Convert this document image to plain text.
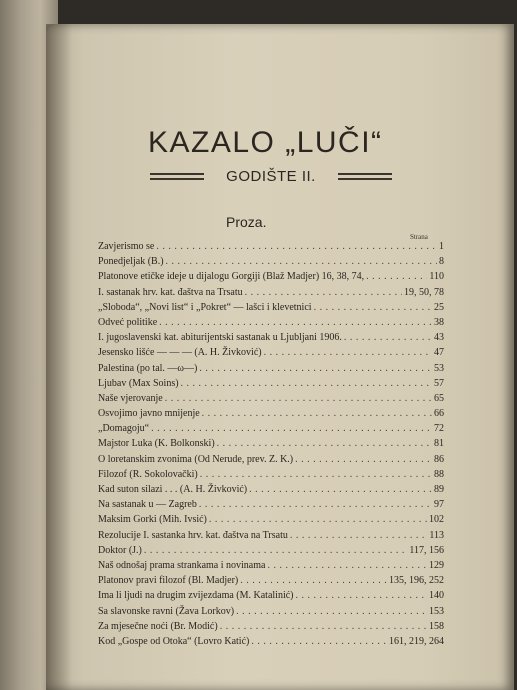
KAZALO „LUČI“
GODIŠTE II.
Proza.
Strana
Zavjerismo se . . .	1
Ponedjeljak (B.) . . .	8
Platonove etičke ideje u dijalogu Gorgiji (Blaž Madjer) 16, 38, 74, . . .	110
I. sastanak hrv. kat. đaštva na Trsatu . . .	19, 50, 78
„Sloboda“, „Novi list“ i „Pokret“ — lašci i klevetnici . . .	25
Odveć politike . . .	38
I. jugoslavenski kat. abiturijentski sastanak u Ljubljani 1906. . . .	43
Jesensko lišće — — — (A. H. Živković) . . .	47
Palestina (po tal. —ω—) . . .	53
Ljubav (Max Soins) . . .	57
Naše vjerovanje . . .	65
Osvojimo javno mnijenje . . .	66
„Domagoju“ . . .	72
Majstor Luka (K. Bolkonski) . . .	81
O loretanskim zvonima (Od Nerude, prev. Z. K.) . . .	86
Filozof (R. Sokolovački) . . .	88
Kad suton silazi . . . (A. H. Živković) . . .	89
Na sastanak u — Zagreb . . .	97
Maksim Gorki (Mih. Ivsić) . . .	102
Rezolucije I. sastanka hrv. kat. đaštva na Trsatu . . .	113
Doktor (J.) . . .	117, 156
Naš odnošaj prama strankama i novinama . . .	129
Platonov pravi filozof (Bl. Madjer) . . .	135, 196, 252
Ima li ljudi na drugim zvijezdama (M. Katalinić) . . .	140
Sa slavonske ravni (Žava Lorkov) . . .	153
Za mjesečne noći (Br. Modić) . . .	158
Kod „Gospe od Otoka“ (Lovro Katić) . . .	161, 219, 264
